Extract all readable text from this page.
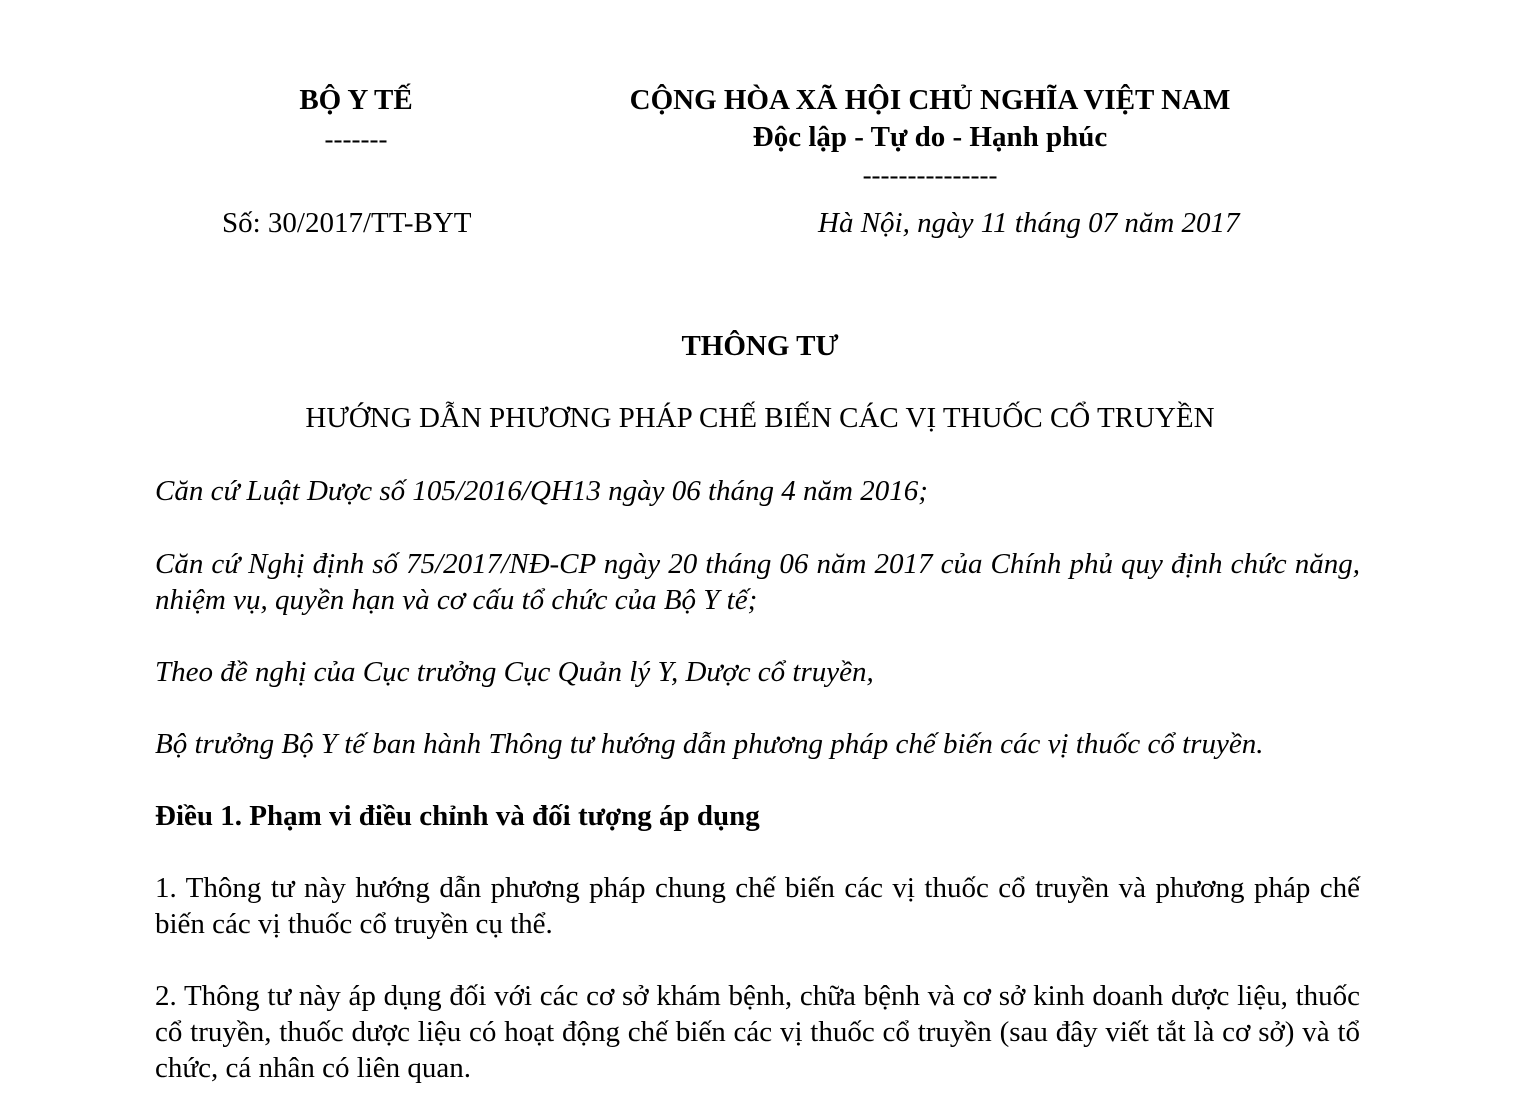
BỘ Y TẾ
-------
CỘNG HÒA XÃ HỘI CHỦ NGHĨA VIỆT NAM
Độc lập - Tự do - Hạnh phúc
---------------
Số: 30/2017/TT-BYT	Hà Nội, ngày 11 tháng 07 năm 2017
THÔNG TƯ
HƯỚNG DẪN PHƯƠNG PHÁP CHẾ BIẾN CÁC VỊ THUỐC CỔ TRUYỀN
Căn cứ Luật Dược số 105/2016/QH13 ngày 06 tháng 4 năm 2016;
Căn cứ Nghị định số 75/2017/NĐ-CP ngày 20 tháng 06 năm 2017 của Chính phủ quy định chức năng, nhiệm vụ, quyền hạn và cơ cấu tổ chức của Bộ Y tế;
Theo đề nghị của Cục trưởng Cục Quản lý Y, Dược cổ truyền,
Bộ trưởng Bộ Y tế ban hành Thông tư hướng dẫn phương pháp chế biến các vị thuốc cổ truyền.
Điều 1. Phạm vi điều chỉnh và đối tượng áp dụng
1. Thông tư này hướng dẫn phương pháp chung chế biến các vị thuốc cổ truyền và phương pháp chế biến các vị thuốc cổ truyền cụ thể.
2. Thông tư này áp dụng đối với các cơ sở khám bệnh, chữa bệnh và cơ sở kinh doanh dược liệu, thuốc cổ truyền, thuốc dược liệu có hoạt động chế biến các vị thuốc cổ truyền (sau đây viết tắt là cơ sở) và tổ chức, cá nhân có liên quan.
